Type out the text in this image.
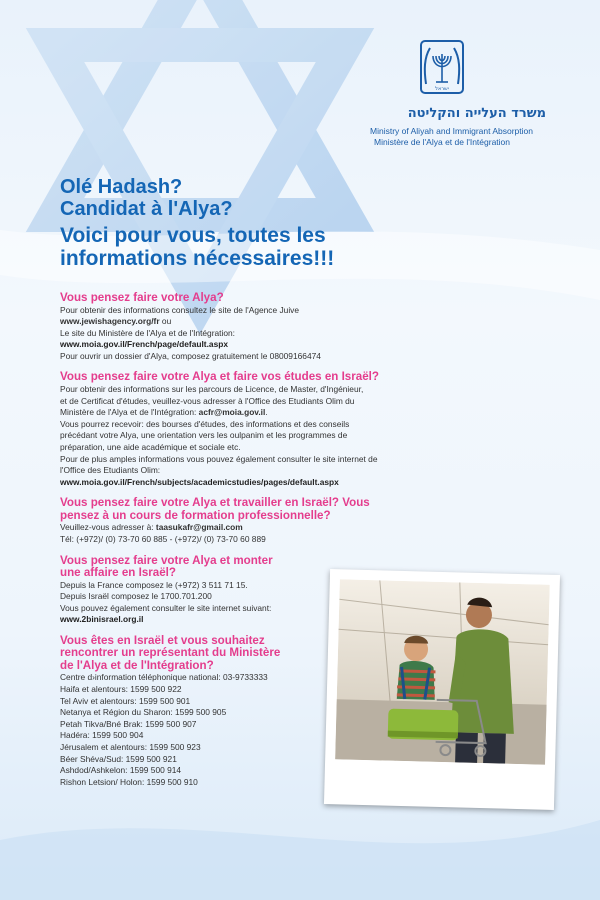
ישראל
משרד העלייה והקליטה
Ministry of Aliyah and Immigrant Absorption
Ministère de l'Alya et de l'Intégration
Olé Hadash?
Candidat à l'Alya?
Voici pour vous, toutes les
informations nécessaires!!!

Vous pensez faire votre Alya?

Pour obtenir des informations consultez le site de l'Agence Juive
www.jewishagency.org/fr ou
Le site du Ministère de l'Alya et de l'Intégration:
www.moia.gov.il/French/page/default.aspx
Pour ouvrir un dossier d'Alya, composez gratuitement le 08009166474

Vous pensez faire votre Alya et faire vos études en Israël?

Pour obtenir des informations sur les parcours de Licence, de Master, d'Ingénieur,
et de Certificat d'études, veuillez-vous adresser à l'Office des Etudiants Olim du
Ministère de l'Alya et de l'Intégration: acfr@moia.gov.il.
Vous pourrez recevoir: des bourses d'études, des informations et des conseils
précédant votre Alya, une orientation vers les oulpanim et les programmes de
préparation, une aide académique et sociale etc.
Pour de plus amples informations vous pouvez également consulter le site internet de
l'Office des Etudiants Olim:
www.moia.gov.il/French/subjects/academicstudies/pages/default.aspx

Vous pensez faire votre Alya et travailler en Israël? Vous

pensez à un cours de formation professionnelle?

Veuillez-vous adresser à: taasukafr@gmail.com
Tél: (+972)/ (0) 73-70 60 885 - (+972)/ (0) 73-70 60 889

Vous pensez faire votre Alya et monter

une affaire en Israël?

Depuis la France composez le (+972) 3 511 71 15.
Depuis Israël composez le 1700.701.200
Vous pouvez également consulter le site internet suivant:
www.2binisrael.org.il

Vous êtes en Israël et vous souhaitez

rencontrer un représentant du Ministère

de l'Alya et de l'Intégration?

Centre d›information téléphonique national: 03-9733333
Haifa et alentours: 1599 500 922
Tel Aviv et alentours: 1599 500 901
Netanya et Région du Sharon: 1599 500 905
Petah Tikva/Bné Brak: 1599 500 907
Hadéra: 1599 500 904
Jérusalem et alentours: 1599 500 923
Béer Shéva/Sud: 1599 500 921
Ashdod/Ashkelon: 1599 500 914
Rishon Letsion/ Holon: 1599 500 910
